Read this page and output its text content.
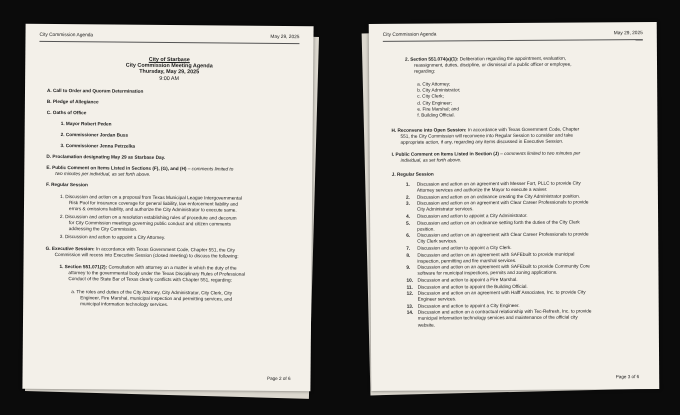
City Commission Agenda	May 29, 2025
City of Starbase
City Commission Meeting Agenda
Thursday, May 29, 2025
9:00 AM
A. Call to Order and Quorum Determination
B. Pledge of Allegiance
C. Oaths of Office
1. Mayor Robert Peden
2. Commissioner Jordan Buss
3. Commissioner Jenna Petrzelka
D. Proclamation designating May 29 as Starbase Day.
E. Public Comment on Items Listed in Sections (F), (G), and (H) – comments limited to
two minutes per individual, as set forth above.
F. Regular Session
1. Discussion and action on a proposal from Texas Municipal League Intergovernmental
Risk Pool for insurance coverage for general liability, law enforcement liability and
errors & omissions liability, and authorize the City Administrator to execute same.
2. Discussion and action on a resolution establishing rules of procedure and decorum
for City Commission meetings governing public conduct and citizen comments
addressing the City Commission.
3. Discussion and action to appoint a City Attorney.
G. Executive Session: In accordance with Texas Government Code, Chapter 551, the City
Commission will recess into Executive Session (closed meeting) to discuss the following:
1. Section 551.071(2): Consultation with attorney on a matter in which the duty of the
attorney to the governmental body under the Texas Disciplinary Rules of Professional
Conduct of the State Bar of Texas clearly conflicts with Chapter 551, regarding:
a. The roles and duties of the City Attorney, City Administrator, City Clerk, City
Engineer, Fire Marshal, municipal inspection and permitting services, and
municipal information technology services.
Page 2 of 6
City Commission Agenda	May 29, 2025
2. Section 551.074(a)(1): Deliberation regarding the appointment, evaluation,
reassignment, duties, discipline, or dismissal of a public officer or employee,
regarding:
a. City Attorney;
b. City Administrator;
c. City Clerk;
d. City Engineer;
e. Fire Marshal; and
f. Building Official.
H. Reconvene into Open Session: In accordance with Texas Government Code, Chapter
551, the City Commission will reconvene into Regular Session to consider and take
appropriate action, if any, regarding any items discussed in Executive Session.
I. Public Comment on Items Listed in Section (J) – comments limited to two minutes per
individual, as set forth above.
J. Regular Session
1.	Discussion and action on an agreement with Messer Fort, PLLC to provide City
Attorney services and authorize the Mayor to execute a waiver.
2.	Discussion and action on an ordinance creating the City Administrator position.
3.	Discussion and action on an agreement with Clear Career Professionals to provide
City Administrator services.
4.	Discussion and action to appoint a City Administrator.
5.	Discussion and action on an ordinance setting forth the duties of the City Clerk
position.
6.	Discussion and action on an agreement with Clear Career Professionals to provide
City Clerk services.
7.	Discussion and action to appoint a City Clerk.
8.	Discussion and action on an agreement with SAFEbuilt to provide municipal
inspection, permitting and fire marshal services.
9.	Discussion and action on an agreement with SAFEbuilt to provide Community Core
software for municipal inspections, permits and zoning applications.
10. Discussion and action to appoint a Fire Marshal.
11. Discussion and action to appoint the Building Official.
12. Discussion and action on an agreement with Halff Associates, Inc. to provide City
Engineer services.
13. Discussion and action to appoint a City Engineer.
14. Discussion and action on a contractual relationship with Tec-Refresh, Inc. to provide
municipal information technology services and maintenance of the official city
website.
Page 3 of 6
